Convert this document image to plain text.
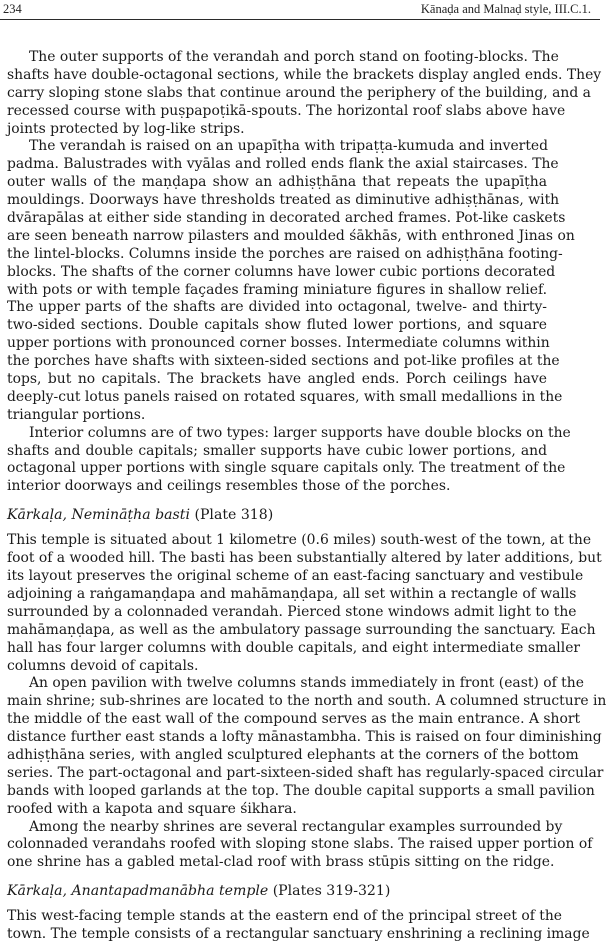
234	Kānaḍa and Malnaḍ style, III.C.1.
The outer supports of the verandah and porch stand on footing-blocks. The
shafts have double-octagonal sections, while the brackets display angled ends. They
carry sloping stone slabs that continue around the periphery of the building, and a
recessed course with puṣpapoṭikā-spouts. The horizontal roof slabs above have
joints protected by log-like strips.
The verandah is raised on an upapīṭha with tripaṭṭa-kumuda and inverted
padma. Balustrades with vyālas and rolled ends flank the axial staircases. The
outer walls of the maṇḍapa show an adhiṣṭhāna that repeats the upapīṭha
mouldings. Doorways have thresholds treated as diminutive adhiṣṭhānas, with
dvārapālas at either side standing in decorated arched frames. Pot-like caskets
are seen beneath narrow pilasters and moulded śākhās, with enthroned Jinas on
the lintel-blocks. Columns inside the porches are raised on adhiṣṭhāna footing-
blocks. The shafts of the corner columns have lower cubic portions decorated
with pots or with temple façades framing miniature figures in shallow relief.
The upper parts of the shafts are divided into octagonal, twelve- and thirty-
two-sided sections. Double capitals show fluted lower portions, and square
upper portions with pronounced corner bosses. Intermediate columns within
the porches have shafts with sixteen-sided sections and pot-like profiles at the
tops, but no capitals. The brackets have angled ends. Porch ceilings have
deeply-cut lotus panels raised on rotated squares, with small medallions in the
triangular portions.
Interior columns are of two types: larger supports have double blocks on the
shafts and double capitals; smaller supports have cubic lower portions, and
octagonal upper portions with single square capitals only. The treatment of the
interior doorways and ceilings resembles those of the porches.
Kārkaḷa, Nemināṭha basti (Plate 318)
This temple is situated about 1 kilometre (0.6 miles) south-west of the town, at the
foot of a wooded hill. The basti has been substantially altered by later additions, but
its layout preserves the original scheme of an east-facing sanctuary and vestibule
adjoining a raṅgamaṇḍapa and mahāmaṇḍapa, all set within a rectangle of walls
surrounded by a colonnaded verandah. Pierced stone windows admit light to the
mahāmaṇḍapa, as well as the ambulatory passage surrounding the sanctuary. Each
hall has four larger columns with double capitals, and eight intermediate smaller
columns devoid of capitals.
An open pavilion with twelve columns stands immediately in front (east) of the
main shrine; sub-shrines are located to the north and south. A columned structure in
the middle of the east wall of the compound serves as the main entrance. A short
distance further east stands a lofty mānastambha. This is raised on four diminishing
adhiṣṭhāna series, with angled sculptured elephants at the corners of the bottom
series. The part-octagonal and part-sixteen-sided shaft has regularly-spaced circular
bands with looped garlands at the top. The double capital supports a small pavilion
roofed with a kapota and square śikhara.
Among the nearby shrines are several rectangular examples surrounded by
colonnaded verandahs roofed with sloping stone slabs. The raised upper portion of
one shrine has a gabled metal-clad roof with brass stūpis sitting on the ridge.
Kārkaḷa, Anantapadmanābha temple (Plates 319-321)
This west-facing temple stands at the eastern end of the principal street of the
town. The temple consists of a rectangular sanctuary enshrining a reclining image
